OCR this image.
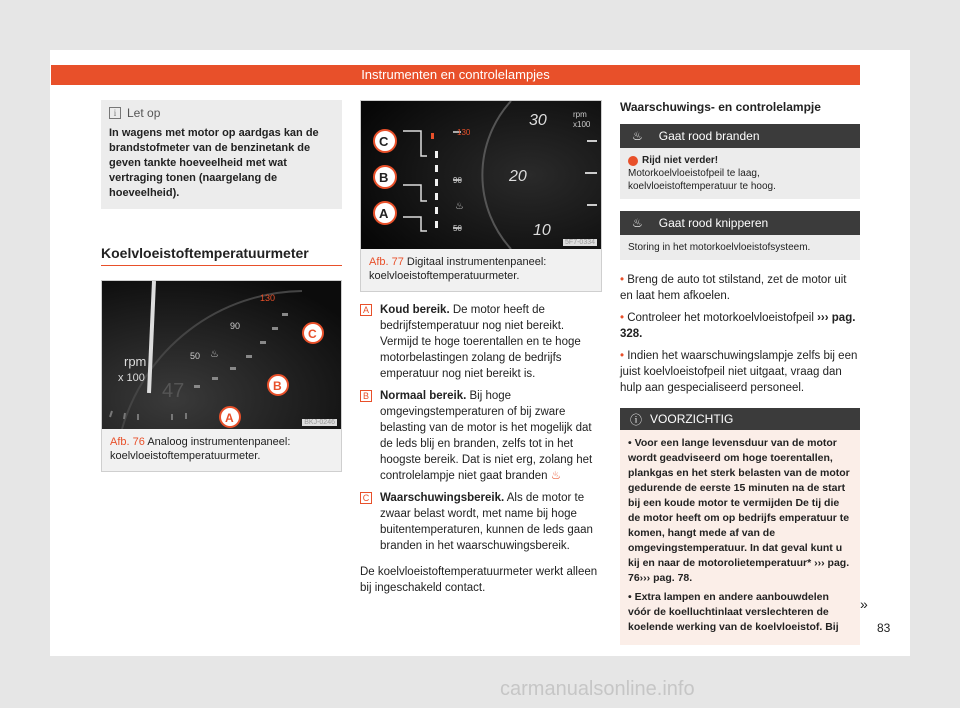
Instrumenten en controlelampjes
i Let op
In wagens met motor op aardgas kan de brandstofmeter van de benzinetank de geven tankte hoeveelheid met wat vertraging tonen (naargelang de hoeveelheid).
Koelvloeistoftemperatuurmeter
rpm
x 100
47
50
90
130
♨
C
B
A	BKJ-0246
Afb. 76 Analoog instrumentenpaneel: koelvloeistoftemperatuurmeter.
130
90
50
♨
30
20
10
rpm
x100
C
B
A
5F7-0334
Afb. 77 Digitaal instrumentenpaneel: koelvloeistoftemperatuurmeter.
A Koud bereik. De motor heeft de bedrijfstemperatuur nog niet bereikt. Vermijd te hoge toerentallen en te hoge motorbelastingen zolang de bedrijfs emperatuur nog niet bereikt is.
B Normaal bereik. Bij hoge omgevingstemperaturen of bij zware belasting van de motor is het mogelijk dat de leds blij en branden, zelfs tot in het hoogste bereik. Dat is niet erg, zolang het controlelampje niet gaat branden ♨
C Waarschuwingsbereik. Als de motor te zwaar belast wordt, met name bij hoge buitentemperaturen, kunnen de leds gaan branden in het waarschuwingsbereik.
De koelvloeistoftemperatuurmeter werkt alleen bij ingeschakeld contact.
Waarschuwings- en controlelampje
♨ Gaat rood branden
Rijd niet verder!
Motorkoelvloeistofpeil te laag, koelvloeistoftemperatuur te hoog.
♨ Gaat rood knipperen
Storing in het motorkoelvloeistofsysteem.
• Breng de auto tot stilstand, zet de motor uit en laat hem afkoelen.
• Controleer het motorkoelvloeistofpeil ››› pag. 328.
• Indien het waarschuwingslampje zelfs bij een juist koelvloeistofpeil niet uitgaat, vraag dan hulp aan gespecialiseerd personeel.
ⓘ VOORZICHTIG

• Voor een lange levensduur van de motor wordt geadviseerd om hoge toerentallen, plankgas en het sterk belasten van de motor gedurende de eerste 15 minuten na de start bij een koude motor te vermijden De tij die de motor heeft om op bedrijfs emperatuur te komen, hangt mede af van de omgevingstemperatuur. In dat geval kunt u kij en naar de motorolietemperatuur* ››› pag. 76››› pag. 78.

• Extra lampen en andere aanbouwdelen vóór de koelluchtinlaat verslechteren de koelende werking van de koelvloeistof. Bij

»
83
carmanualsonline.info
